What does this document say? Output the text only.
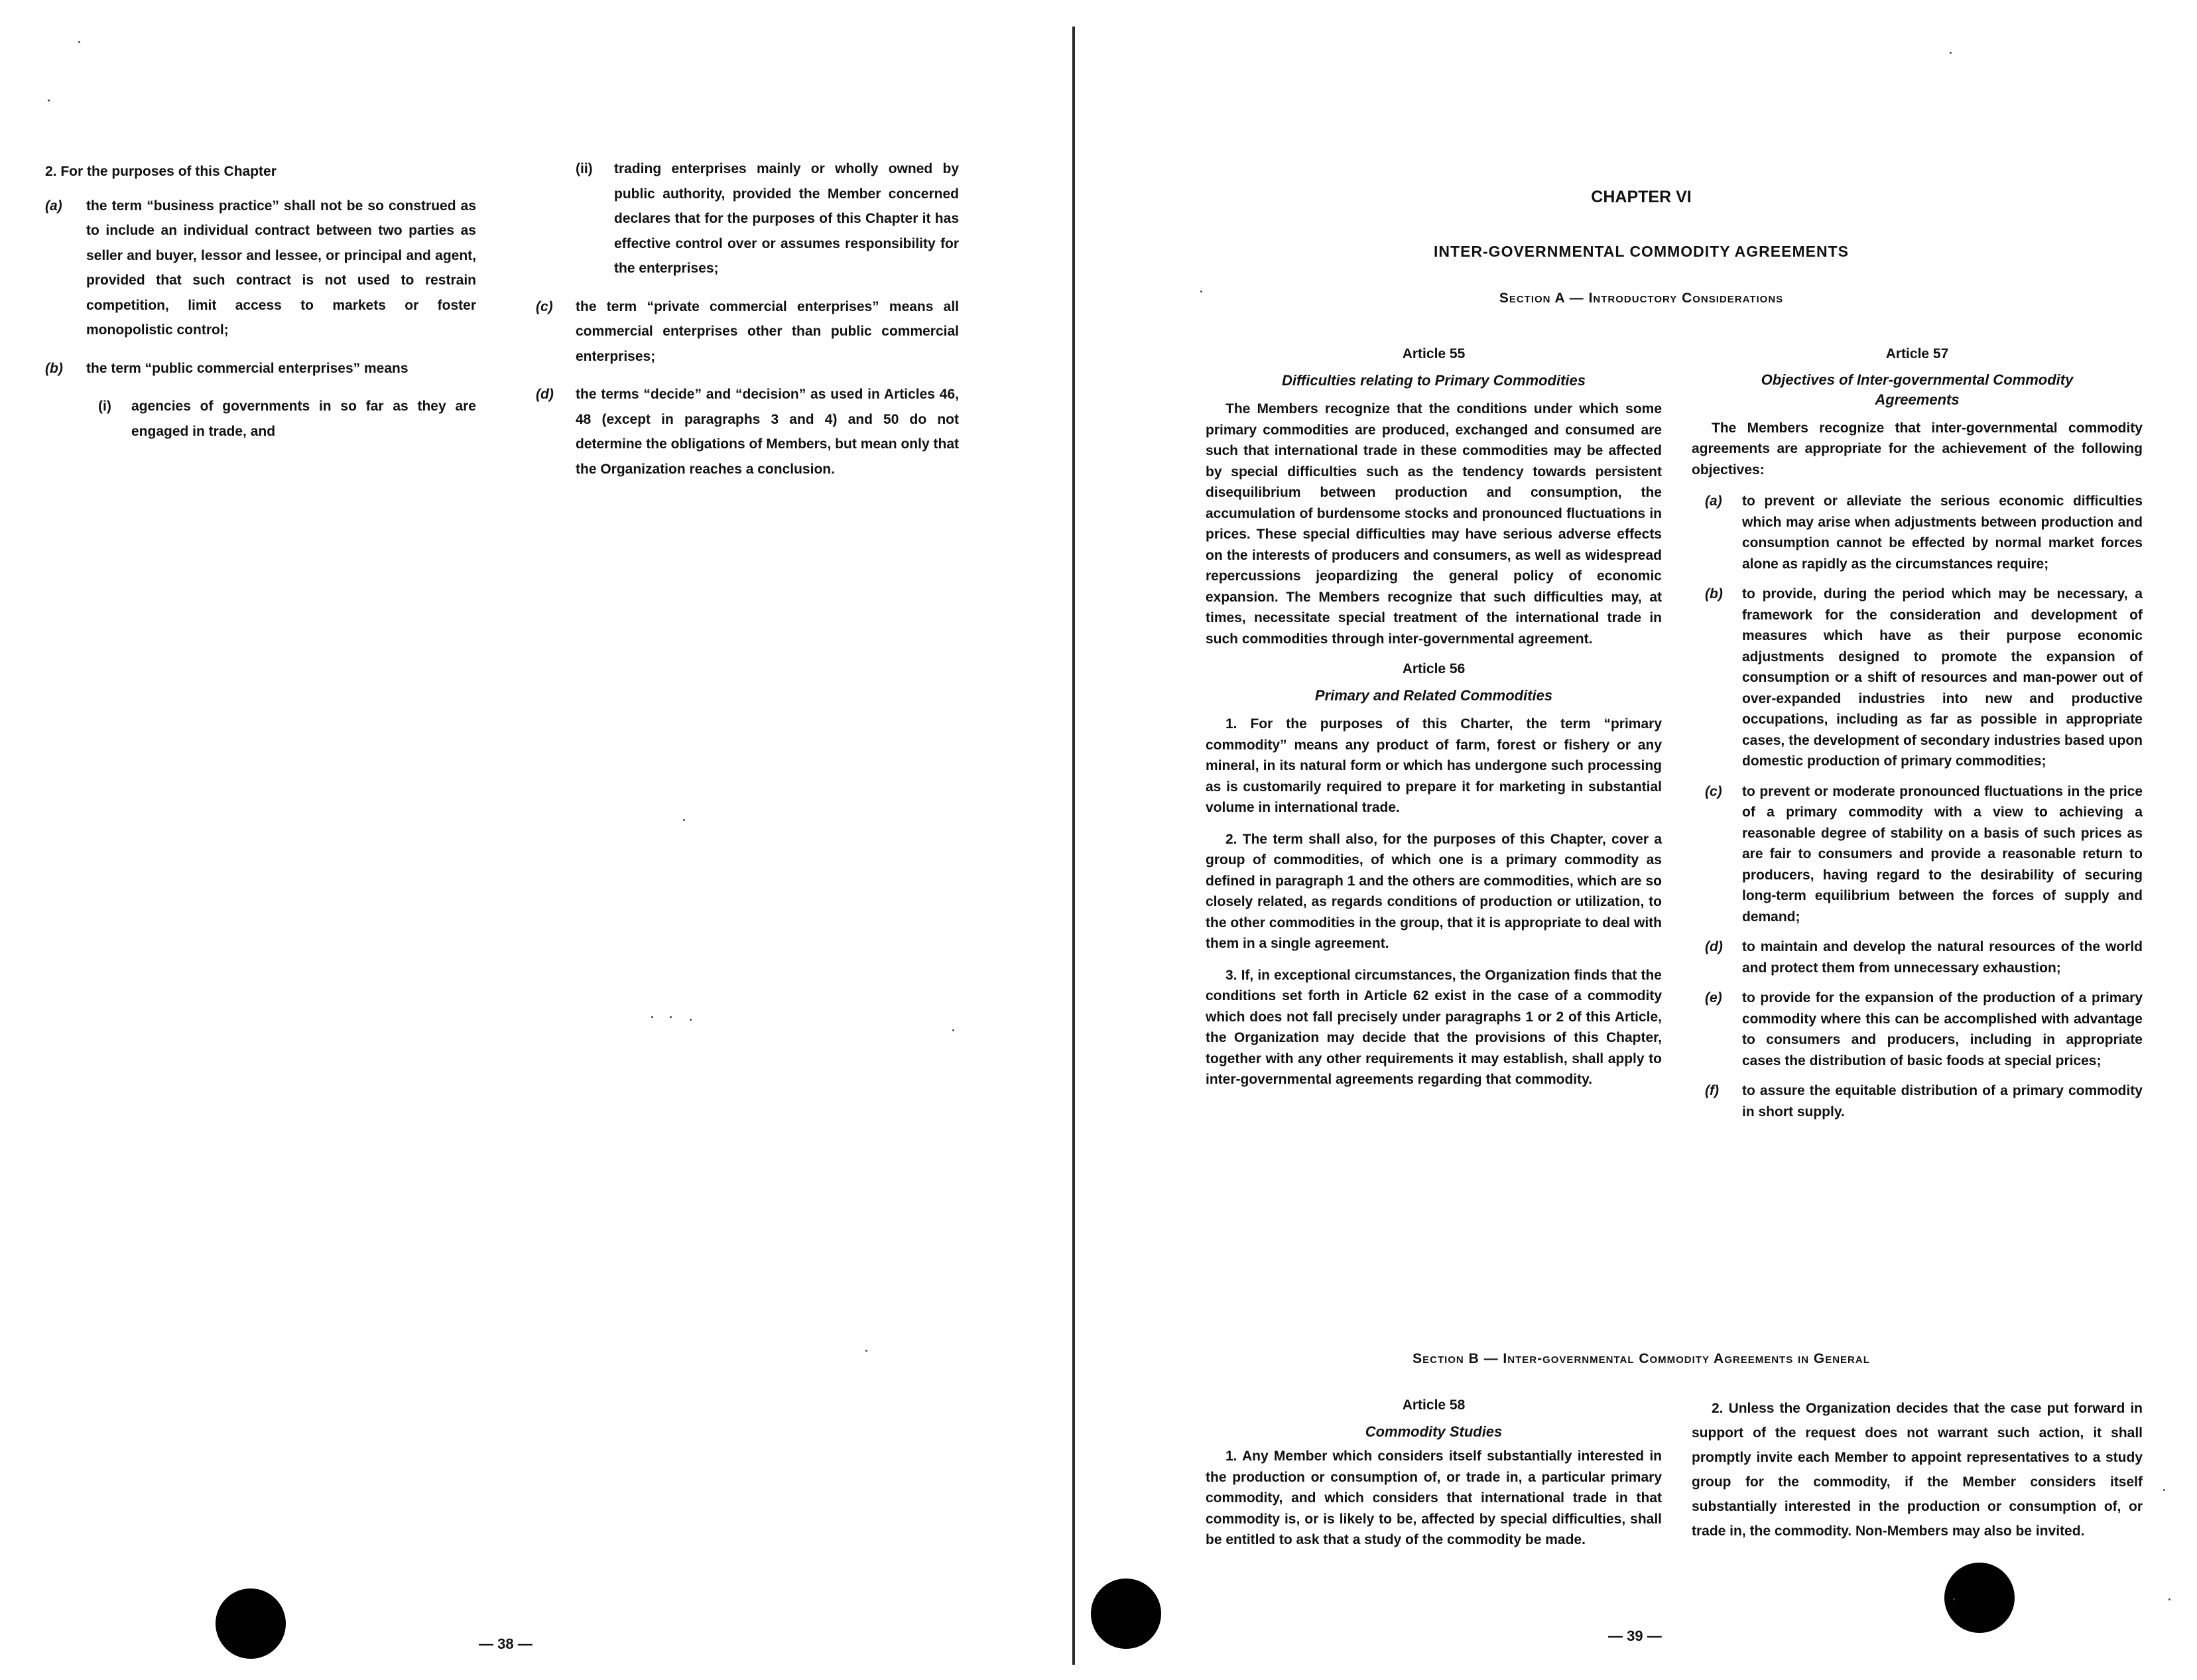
2. For the purposes of this Chapter

(a)	the term “business practice” shall not be so construed as to include an individual contract between two parties as seller and buyer, lessor and lessee, or principal and agent, provided that such contract is not used to restrain competition, limit access to markets or foster monopolistic control;
(b)	the term “public commercial enterprises” means
(i)	agencies of governments in so far as they are engaged in trade, and
(ii)	trading enterprises mainly or wholly owned by public authority, provided the Member concerned declares that for the purposes of this Chapter it has effective control over or assumes responsibility for the enterprises;
(c)	the term “private commercial enterprises” means all commercial enterprises other than public commercial enterprises;
(d)	the terms “decide” and “decision” as used in Articles 46, 48 (except in paragraphs 3 and 4) and 50 do not determine the obligations of Members, but mean only that the Organization reaches a conclusion.
— 38 —
CHAPTER VI
INTER-GOVERNMENTAL COMMODITY AGREEMENTS
Section A — Introductory Considerations
Article 55
Difficulties relating to Primary Commodities

The Members recognize that the conditions under which some primary commodities are produced, exchanged and consumed are such that international trade in these commodities may be affected by special difficulties such as the tendency towards persistent disequilibrium between production and consumption, the accumulation of burdensome stocks and pronounced fluctuations in prices. These special difficulties may have serious adverse effects on the interests of producers and consumers, as well as widespread repercussions jeopardizing the general policy of economic expansion. The Members recognize that such difficulties may, at times, necessitate special treatment of the international trade in such commodities through inter-governmental agreement.

Article 56
Primary and Related Commodities

1. For the purposes of this Charter, the term “primary commodity” means any product of farm, forest or fishery or any mineral, in its natural form or which has undergone such processing as is customarily required to prepare it for marketing in substantial volume in international trade.

2. The term shall also, for the purposes of this Chapter, cover a group of commodities, of which one is a primary commodity as defined in paragraph 1 and the others are commodities, which are so closely related, as regards conditions of production or utilization, to the other commodities in the group, that it is appropriate to deal with them in a single agreement.

3. If, in exceptional circumstances, the Organization finds that the conditions set forth in Article 62 exist in the case of a commodity which does not fall precisely under paragraphs 1 or 2 of this Article, the Organization may decide that the provisions of this Chapter, together with any other requirements it may establish, shall apply to inter-governmental agreements regarding that commodity.

Article 57
Objectives of Inter-governmental Commodity Agreements

The Members recognize that inter-governmental commodity agreements are appropriate for the achievement of the following objectives:

(a)	to prevent or alleviate the serious economic difficulties which may arise when adjustments between production and consumption cannot be effected by normal market forces alone as rapidly as the circumstances require;
(b)	to provide, during the period which may be necessary, a framework for the consideration and development of measures which have as their purpose economic adjustments designed to promote the expansion of consumption or a shift of resources and man-power out of over-expanded industries into new and productive occupations, including as far as possible in appropriate cases, the development of secondary industries based upon domestic production of primary commodities;
(c)	to prevent or moderate pronounced fluctuations in the price of a primary commodity with a view to achieving a reasonable degree of stability on a basis of such prices as are fair to consumers and provide a reasonable return to producers, having regard to the desirability of securing long-term equilibrium between the forces of supply and demand;
(d)	to maintain and develop the natural resources of the world and protect them from unnecessary exhaustion;
(e)	to provide for the expansion of the production of a primary commodity where this can be accomplished with advantage to consumers and producers, including in appropriate cases the distribution of basic foods at special prices;
(f)	to assure the equitable distribution of a primary commodity in short supply.
Section B — Inter-governmental Commodity Agreements in General
Article 58
Commodity Studies

1. Any Member which considers itself substantially interested in the production or consumption of, or trade in, a particular primary commodity, and which considers that international trade in that commodity is, or is likely to be, affected by special difficulties, shall be entitled to ask that a study of the commodity be made.

2. Unless the Organization decides that the case put forward in support of the request does not warrant such action, it shall promptly invite each Member to appoint representatives to a study group for the commodity, if the Member considers itself substantially interested in the production or consumption of, or trade in, the commodity. Non-Members may also be invited.

— 39 —
